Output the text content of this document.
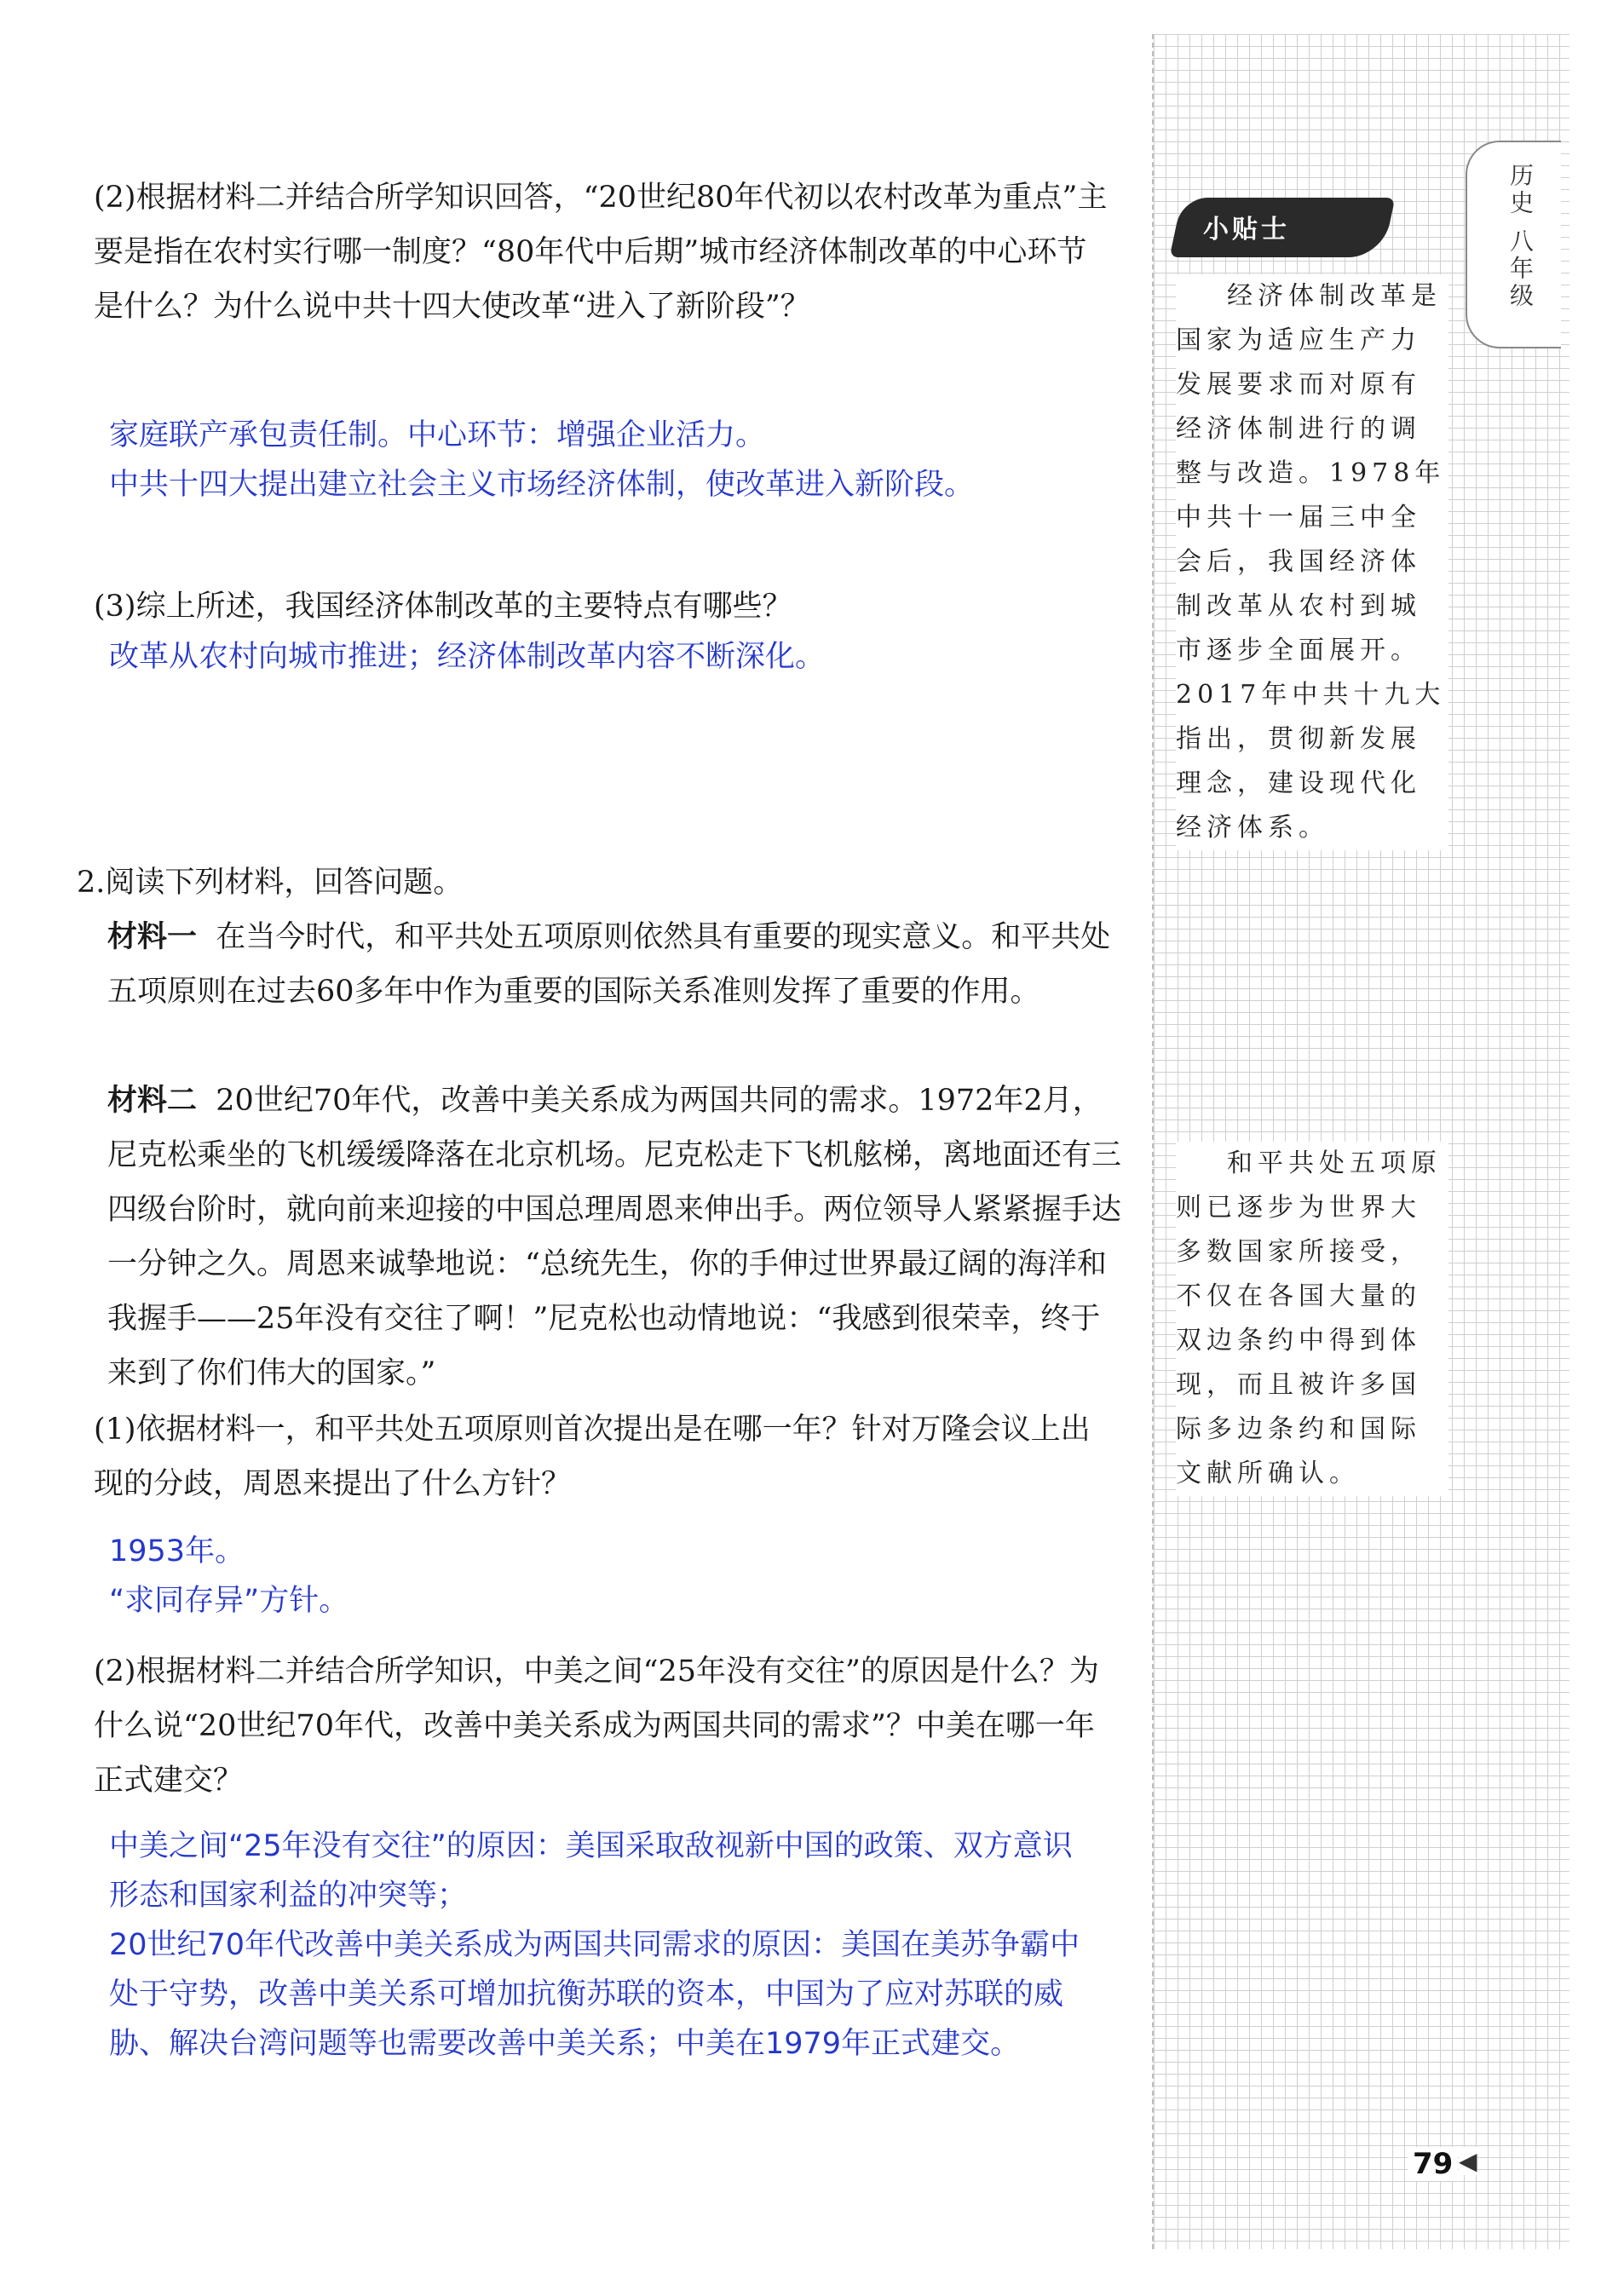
历史 八年级
小贴士

经济体制改革是国家为适应生产力发展要求而对原有经济体制进行的调整与改造。1978年中共十一届三中全会后，我国经济体制改革从农村到城市逐步全面展开。2017年中共十九大指出，贯彻新发展理念，建设现代化经济体系。

和平共处五项原则已逐步为世界大多数国家所接受，不仅在各国大量的双边条约中得到体现，而且被许多国际多边条约和国际文献所确认。

79 ◀
(2)根据材料二并结合所学知识回答，“20世纪80年代初以农村改革为重点”主要是指在农村实行哪一制度？“80年代中后期”城市经济体制改革的中心环节是什么？为什么说中共十四大使改革“进入了新阶段”？
家庭联产承包责任制。中心环节：增强企业活力。
中共十四大提出建立社会主义市场经济体制，使改革进入新阶段。
(3)综上所述，我国经济体制改革的主要特点有哪些？
改革从农村向城市推进；经济体制改革内容不断深化。
2.阅读下列材料，回答问题。
材料一 在当今时代，和平共处五项原则依然具有重要的现实意义。和平共处五项原则在过去60多年中作为重要的国际关系准则发挥了重要的作用。
材料二 20世纪70年代，改善中美关系成为两国共同的需求。1972年2月，尼克松乘坐的飞机缓缓降落在北京机场。尼克松走下飞机舷梯，离地面还有三四级台阶时，就向前来迎接的中国总理周恩来伸出手。两位领导人紧紧握手达一分钟之久。周恩来诚挚地说：“总统先生，你的手伸过世界最辽阔的海洋和我握手——25年没有交往了啊！”尼克松也动情地说：“我感到很荣幸，终于来到了你们伟大的国家。”
(1)依据材料一，和平共处五项原则首次提出是在哪一年？针对万隆会议上出现的分歧，周恩来提出了什么方针？
1953年。
“求同存异”方针。
(2)根据材料二并结合所学知识，中美之间“25年没有交往”的原因是什么？为什么说“20世纪70年代，改善中美关系成为两国共同的需求”？中美在哪一年正式建交？
中美之间“25年没有交往”的原因：美国采取敌视新中国的政策、双方意识形态和国家利益的冲突等；
20世纪70年代改善中美关系成为两国共同需求的原因：美国在美苏争霸中处于守势，改善中美关系可增加抗衡苏联的资本，中国为了应对苏联的威胁、解决台湾问题等也需要改善中美关系；中美在1979年正式建交。
